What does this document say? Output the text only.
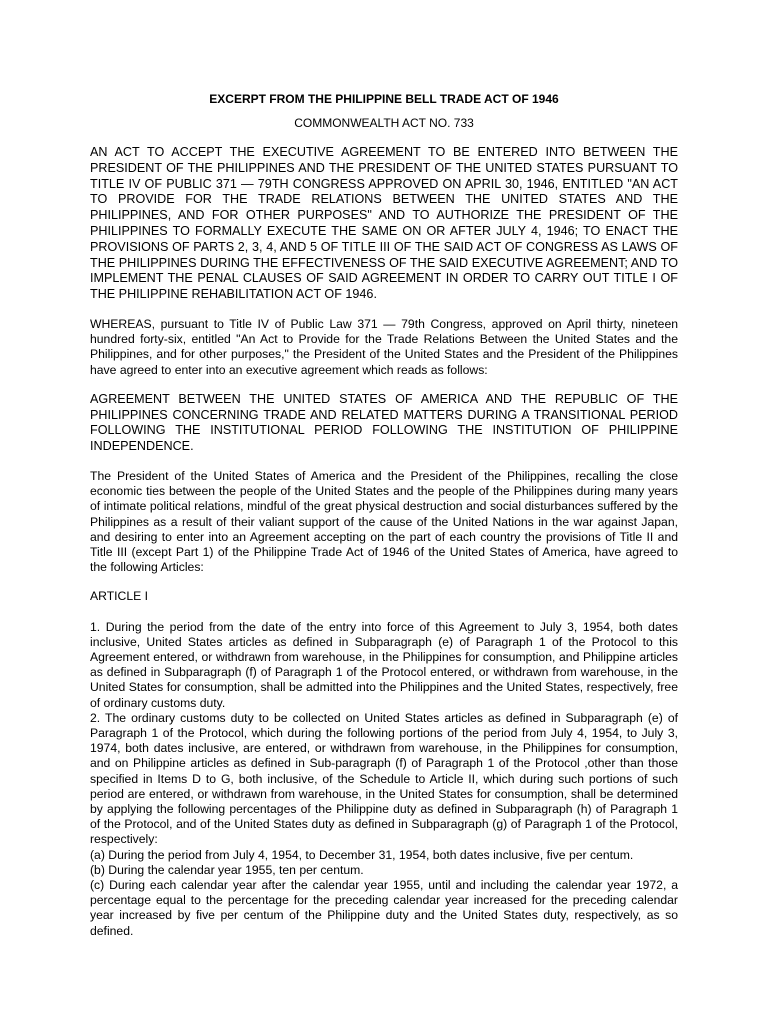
EXCERPT FROM THE PHILIPPINE BELL TRADE ACT OF 1946
COMMONWEALTH ACT NO. 733

AN ACT TO ACCEPT THE EXECUTIVE AGREEMENT TO BE ENTERED INTO BETWEEN THE PRESIDENT OF THE PHILIPPINES AND THE PRESIDENT OF THE UNITED STATES PURSUANT TO TITLE IV OF PUBLIC 371 — 79TH CONGRESS APPROVED ON APRIL 30, 1946, ENTITLED "AN ACT TO PROVIDE FOR THE TRADE RELATIONS BETWEEN THE UNITED STATES AND THE PHILIPPINES, AND FOR OTHER PURPOSES" AND TO AUTHORIZE THE PRESIDENT OF THE PHILIPPINES TO FORMALLY EXECUTE THE SAME ON OR AFTER JULY 4, 1946; TO ENACT THE PROVISIONS OF PARTS 2, 3, 4, AND 5 OF TITLE III OF THE SAID ACT OF CONGRESS AS LAWS OF THE PHILIPPINES DURING THE EFFECTIVENESS OF THE SAID EXECUTIVE AGREEMENT; AND TO IMPLEMENT THE PENAL CLAUSES OF SAID AGREEMENT IN ORDER TO CARRY OUT TITLE I OF THE PHILIPPINE REHABILITATION ACT OF 1946.

WHEREAS, pursuant to Title IV of Public Law 371 — 79th Congress, approved on April thirty, nineteen hundred forty-six, entitled "An Act to Provide for the Trade Relations Between the United States and the Philippines, and for other purposes," the President of the United States and the President of the Philippines have agreed to enter into an executive agreement which reads as follows:

AGREEMENT BETWEEN THE UNITED STATES OF AMERICA AND THE REPUBLIC OF THE PHILIPPINES CONCERNING TRADE AND RELATED MATTERS DURING A TRANSITIONAL PERIOD FOLLOWING THE INSTITUTIONAL PERIOD FOLLOWING THE INSTITUTION OF PHILIPPINE INDEPENDENCE.

The President of the United States of America and the President of the Philippines, recalling the close economic ties between the people of the United States and the people of the Philippines during many years of intimate political relations, mindful of the great physical destruction and social disturbances suffered by the Philippines as a result of their valiant support of the cause of the United Nations in the war against Japan, and desiring to enter into an Agreement accepting on the part of each country the provisions of Title II and Title III (except Part 1) of the Philippine Trade Act of 1946 of the United States of America, have agreed to the following Articles:

ARTICLE I

1. During the period from the date of the entry into force of this Agreement to July 3, 1954, both dates inclusive, United States articles as defined in Subparagraph (e) of Paragraph 1 of the Protocol to this Agreement entered, or withdrawn from warehouse, in the Philippines for consumption, and Philippine articles as defined in Subparagraph (f) of Paragraph 1 of the Protocol entered, or withdrawn from warehouse, in the United States for consumption, shall be admitted into the Philippines and the United States, respectively, free of ordinary customs duty.

2. The ordinary customs duty to be collected on United States articles as defined in Subparagraph (e) of Paragraph 1 of the Protocol, which during the following portions of the period from July 4, 1954, to July 3, 1974, both dates inclusive, are entered, or withdrawn from warehouse, in the Philippines for consumption, and on Philippine articles as defined in Sub-paragraph (f) of Paragraph 1 of the Protocol ,other than those specified in Items D to G, both inclusive, of the Schedule to Article II, which during such portions of such period are entered, or withdrawn from warehouse, in the United States for consumption, shall be determined by applying the following percentages of the Philippine duty as defined in Subparagraph (h) of Paragraph 1 of the Protocol, and of the United States duty as defined in Subparagraph (g) of Paragraph 1 of the Protocol, respectively:

(a) During the period from July 4, 1954, to December 31, 1954, both dates inclusive, five per centum.

(b) During the calendar year 1955, ten per centum.

(c) During each calendar year after the calendar year 1955, until and including the calendar year 1972, a percentage equal to the percentage for the preceding calendar year increased for the preceding calendar year increased by five per centum of the Philippine duty and the United States duty, respectively, as so defined.
